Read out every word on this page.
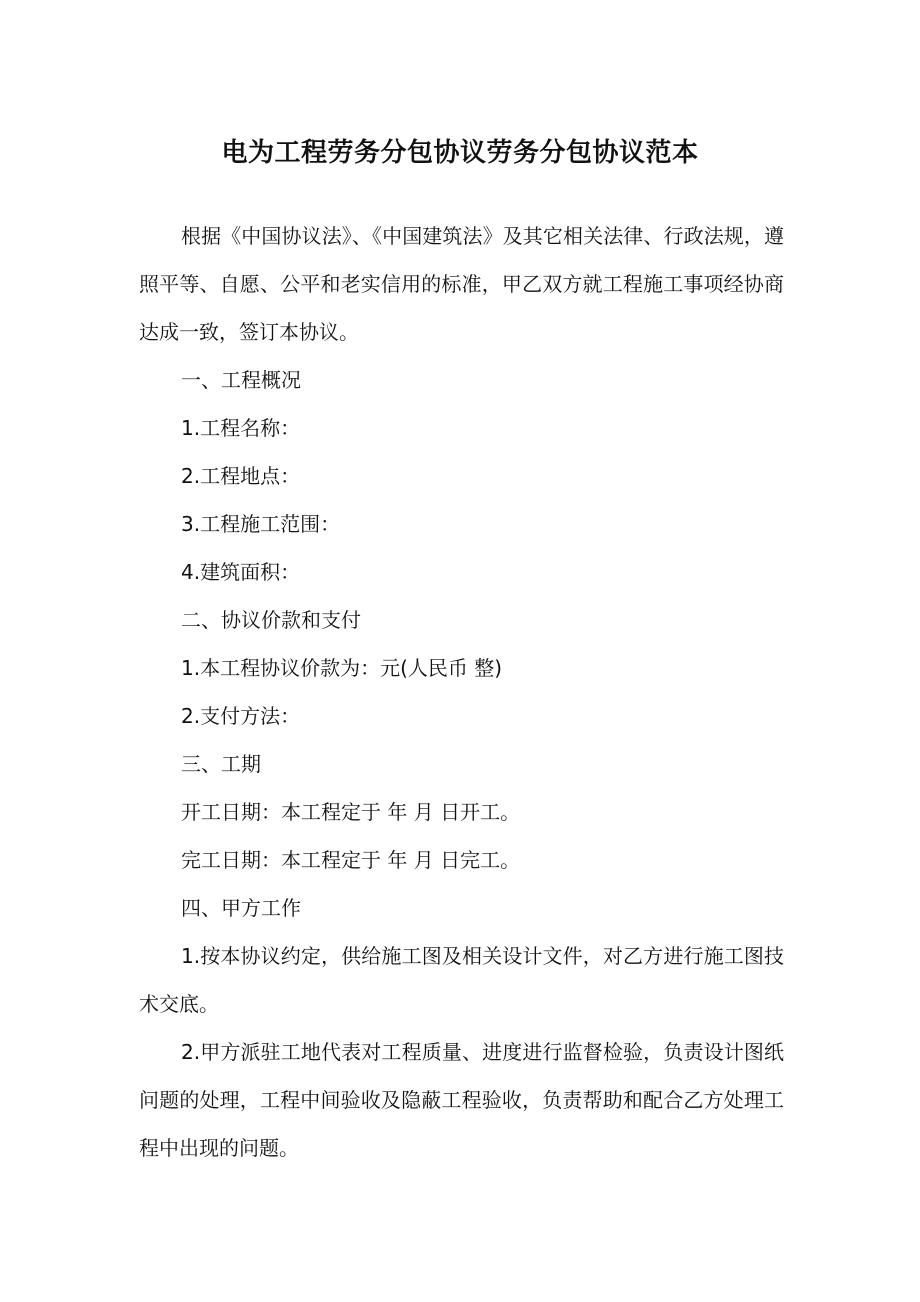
电为工程劳务分包协议劳务分包协议范本

根据《中国协议法》、《中国建筑法》及其它相关法律、行政法规，遵照平等、自愿、公平和老实信用的标准，甲乙双方就工程施工事项经协商达成一致，签订本协议。

一、工程概况

1.工程名称：

2.工程地点：

3.工程施工范围：

4.建筑面积：

二、协议价款和支付

1.本工程协议价款为：元(人民币 整)

2.支付方法：

三、工期

开工日期：本工程定于 年 月 日开工。

完工日期：本工程定于 年 月 日完工。

四、甲方工作

1.按本协议约定，供给施工图及相关设计文件，对乙方进行施工图技术交底。

2.甲方派驻工地代表对工程质量、进度进行监督检验，负责设计图纸问题的处理，工程中间验收及隐蔽工程验收，负责帮助和配合乙方处理工程中出现的问题。
